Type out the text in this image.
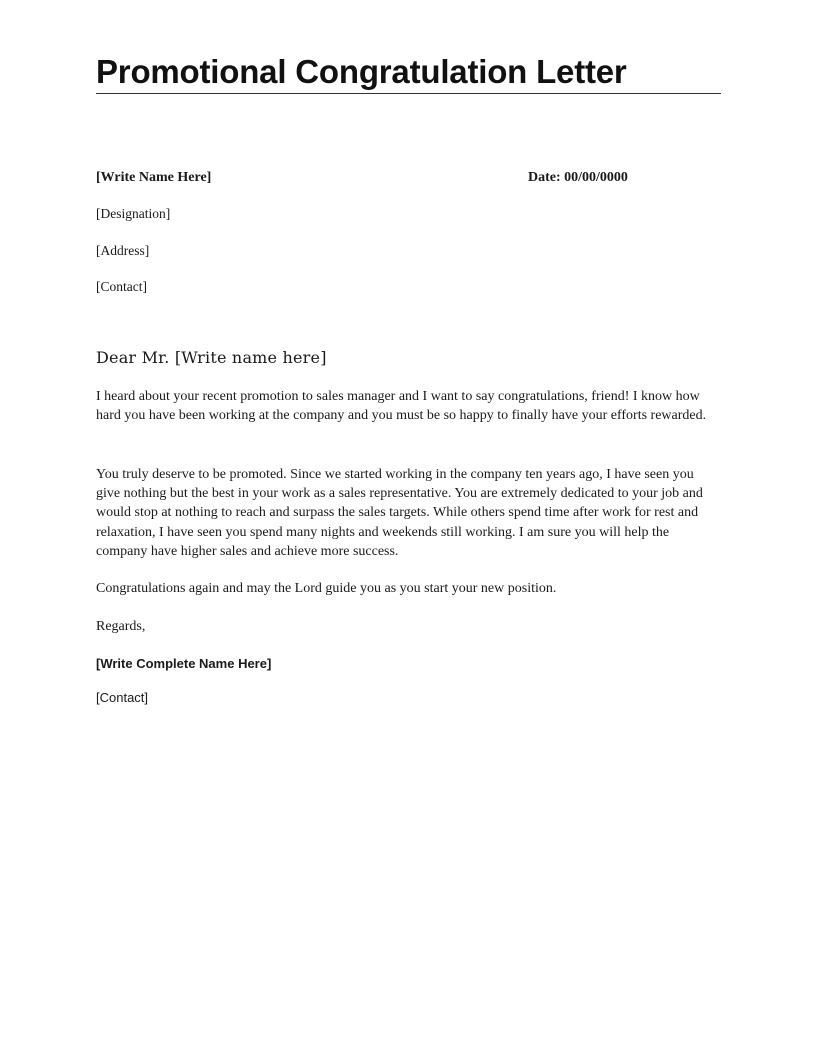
Promotional Congratulation Letter
[Write Name Here]	Date: 00/00/0000
[Designation]
[Address]
[Contact]
Dear Mr. [Write name here]

I heard about your recent promotion to sales manager and I want to say congratulations, friend! I know how hard you have been working at the company and you must be so happy to finally have your efforts rewarded.

You truly deserve to be promoted. Since we started working in the company ten years ago, I have seen you give nothing but the best in your work as a sales representative. You are extremely dedicated to your job and would stop at nothing to reach and surpass the sales targets. While others spend time after work for rest and relaxation, I have seen you spend many nights and weekends still working. I am sure you will help the company have higher sales and achieve more success.

Congratulations again and may the Lord guide you as you start your new position.

Regards,
[Write Complete Name Here]
[Contact]
